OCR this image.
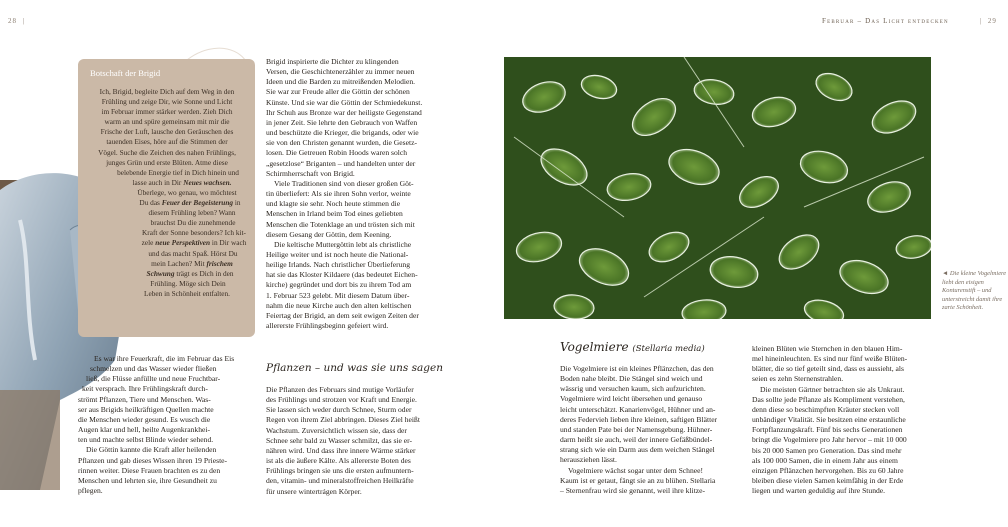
28  |	Februar – Das Licht entdecken	|  29
Botschaft der Brigid
Ich, Brigid, begleite Dich auf dem Weg in den
Frühling und zeige Dir, wie Sonne und Licht
im Februar immer stärker werden. Zieh Dich
warm an und spüre gemeinsam mit mir die
Frische der Luft, lausche den Geräuschen des
tauenden Eises, höre auf die Stimmen der
Vögel. Suche die Zeichen des nahen Frühlings,
junges Grün und erste Blüten. Atme diese
belebende Energie tief in Dich hinein und
lasse auch in Dir Neues wachsen.
Überlege, wo genau, wo möchtest
Du das Feuer der Begeisterung in
diesem Frühling leben? Wann
brauchst Du die zunehmende
Kraft der Sonne besonders? Ich kit-
zele neue Perspektiven in Dir wach
und das macht Spaß. Hörst Du
mein Lachen? Mit frischem
Schwung trägt es Dich in den
Frühling. Möge sich Dein
Leben in Schönheit entfalten.
Es war ihre Feuerkraft, die im Februar das Eis
schmelzen und das Wasser wieder fließen
ließ, die Flüsse anfüllte und neue Fruchtbar-
keit versprach. Ihre Frühlingskraft durch-
strömt Pflanzen, Tiere und Menschen. Was-
ser aus Brigids heilkräftigen Quellen machte
die Menschen wieder gesund. Es wusch die
Augen klar und hell, heilte Augenkrankhei-
ten und machte selbst Blinde wieder sehend.
Die Göttin kannte die Kraft aller heilenden
Pflanzen und gab dieses Wissen ihren 19 Prieste-
rinnen weiter. Diese Frauen brachten es zu den
Menschen und lehrten sie, ihre Gesundheit zu
pflegen.
Brigid inspirierte die Dichter zu klingenden
Versen, die Geschichtenerzähler zu immer neuen
Ideen und die Barden zu mitreißenden Melodien.
Sie war zur Freude aller die Göttin der schönen
Künste. Und sie war die Göttin der Schmiedekunst.
Ihr Schuh aus Bronze war der heiligste Gegenstand
in jener Zeit. Sie lehrte den Gebrauch von Waffen
und beschützte die Krieger, die brigands, oder wie
sie von den Christen genannt wurden, die Gesetz-
losen. Die Getreuen Robin Hoods waren solch
„gesetzlose“ Briganten – und handelten unter der
Schirmherrschaft von Brigid.
Viele Traditionen sind von dieser großen Göt-
tin überliefert: Als sie ihren Sohn verlor, weinte
und klagte sie sehr. Noch heute stimmen die
Menschen in Irland beim Tod eines geliebten
Menschen die Totenklage an und trösten sich mit
diesem Gesang der Göttin, dem Keening.
Die keltische Muttergöttin lebt als christliche
Heilige weiter und ist noch heute die National-
heilige Irlands. Nach christlicher Überlieferung
hat sie das Kloster Kildaere (das bedeutet Eichen-
kirche) gegründet und dort bis zu ihrem Tod am
1. Februar 523 gelebt. Mit diesem Datum über-
nahm die neue Kirche auch den alten keltischen
Feiertag der Brigid, an dem seit ewigen Zeiten der
allererste Frühlingsbeginn gefeiert wird.
Pflanzen – und was sie uns sagen
Die Pflanzen des Februars sind mutige Vorläufer
des Frühlings und strotzen vor Kraft und Energie.
Sie lassen sich weder durch Schnee, Sturm oder
Regen von ihrem Ziel abbringen. Dieses Ziel heißt
Wachstum. Zuversichtlich wissen sie, dass der
Schnee sehr bald zu Wasser schmilzt, das sie er-
nähren wird. Und dass ihre innere Wärme stärker
ist als die äußere Kälte. Als allererste Boten des
Frühlings bringen sie uns die ersten aufmuntern-
den, vitamin- und mineralstoffreichen Heilkräfte
für unsere wintertrágen Körper.
◄ Die kleine Vogelmiere
liebt den eisigen
Konturenstift – und
unterstreicht damit ihre
zarte Schönheit.
Vogelmiere (Stellaria media)
Die Vogelmiere ist ein kleines Pflänzchen, das den
Boden nahe bleibt. Die Stängel sind weich und
wässrig und versuchen kaum, sich aufzurichten.
Vogelmiere wird leicht übersehen und genauso
leicht unterschätzt. Kanarienvögel, Hühner und an-
deres Federvieh lieben ihre kleinen, saftigen Blätter
und standen Pate bei der Namensgebung. Hühner-
darm heißt sie auch, weil der innere Gefäßbündel-
strang sich wie ein Darm aus dem weichen Stängel
herausziehen lässt.
Vogelmiere wächst sogar unter dem Schnee!
Kaum ist er getaut, fängt sie an zu blühen. Stellaria
– Sternenfrau wird sie genannt, weil ihre klitze-
kleinen Blüten wie Sternchen in den blauen Him-
mel hineinleuchten. Es sind nur fünf weiße Blüten-
blätter, die so tief geteilt sind, dass es aussieht, als
seien es zehn Sternenstrahlen.
Die meisten Gärtner betrachten sie als Unkraut.
Das sollte jede Pflanze als Kompliment verstehen,
denn diese so beschimpften Kräuter stecken voll
unbändiger Vitalität. Sie besitzen eine erstaunliche
Fortpflanzungskraft. Fünf bis sechs Generationen
bringt die Vogelmiere pro Jahr hervor – mit 10 000
bis 20 000 Samen pro Generation. Das sind mehr
als 100 000 Samen, die in einem Jahr aus einem
einzigen Pflänzchen hervorgehen. Bis zu 60 Jahre
bleiben diese vielen Samen keimfähig in der Erde
liegen und warten geduldig auf ihre Stunde.
